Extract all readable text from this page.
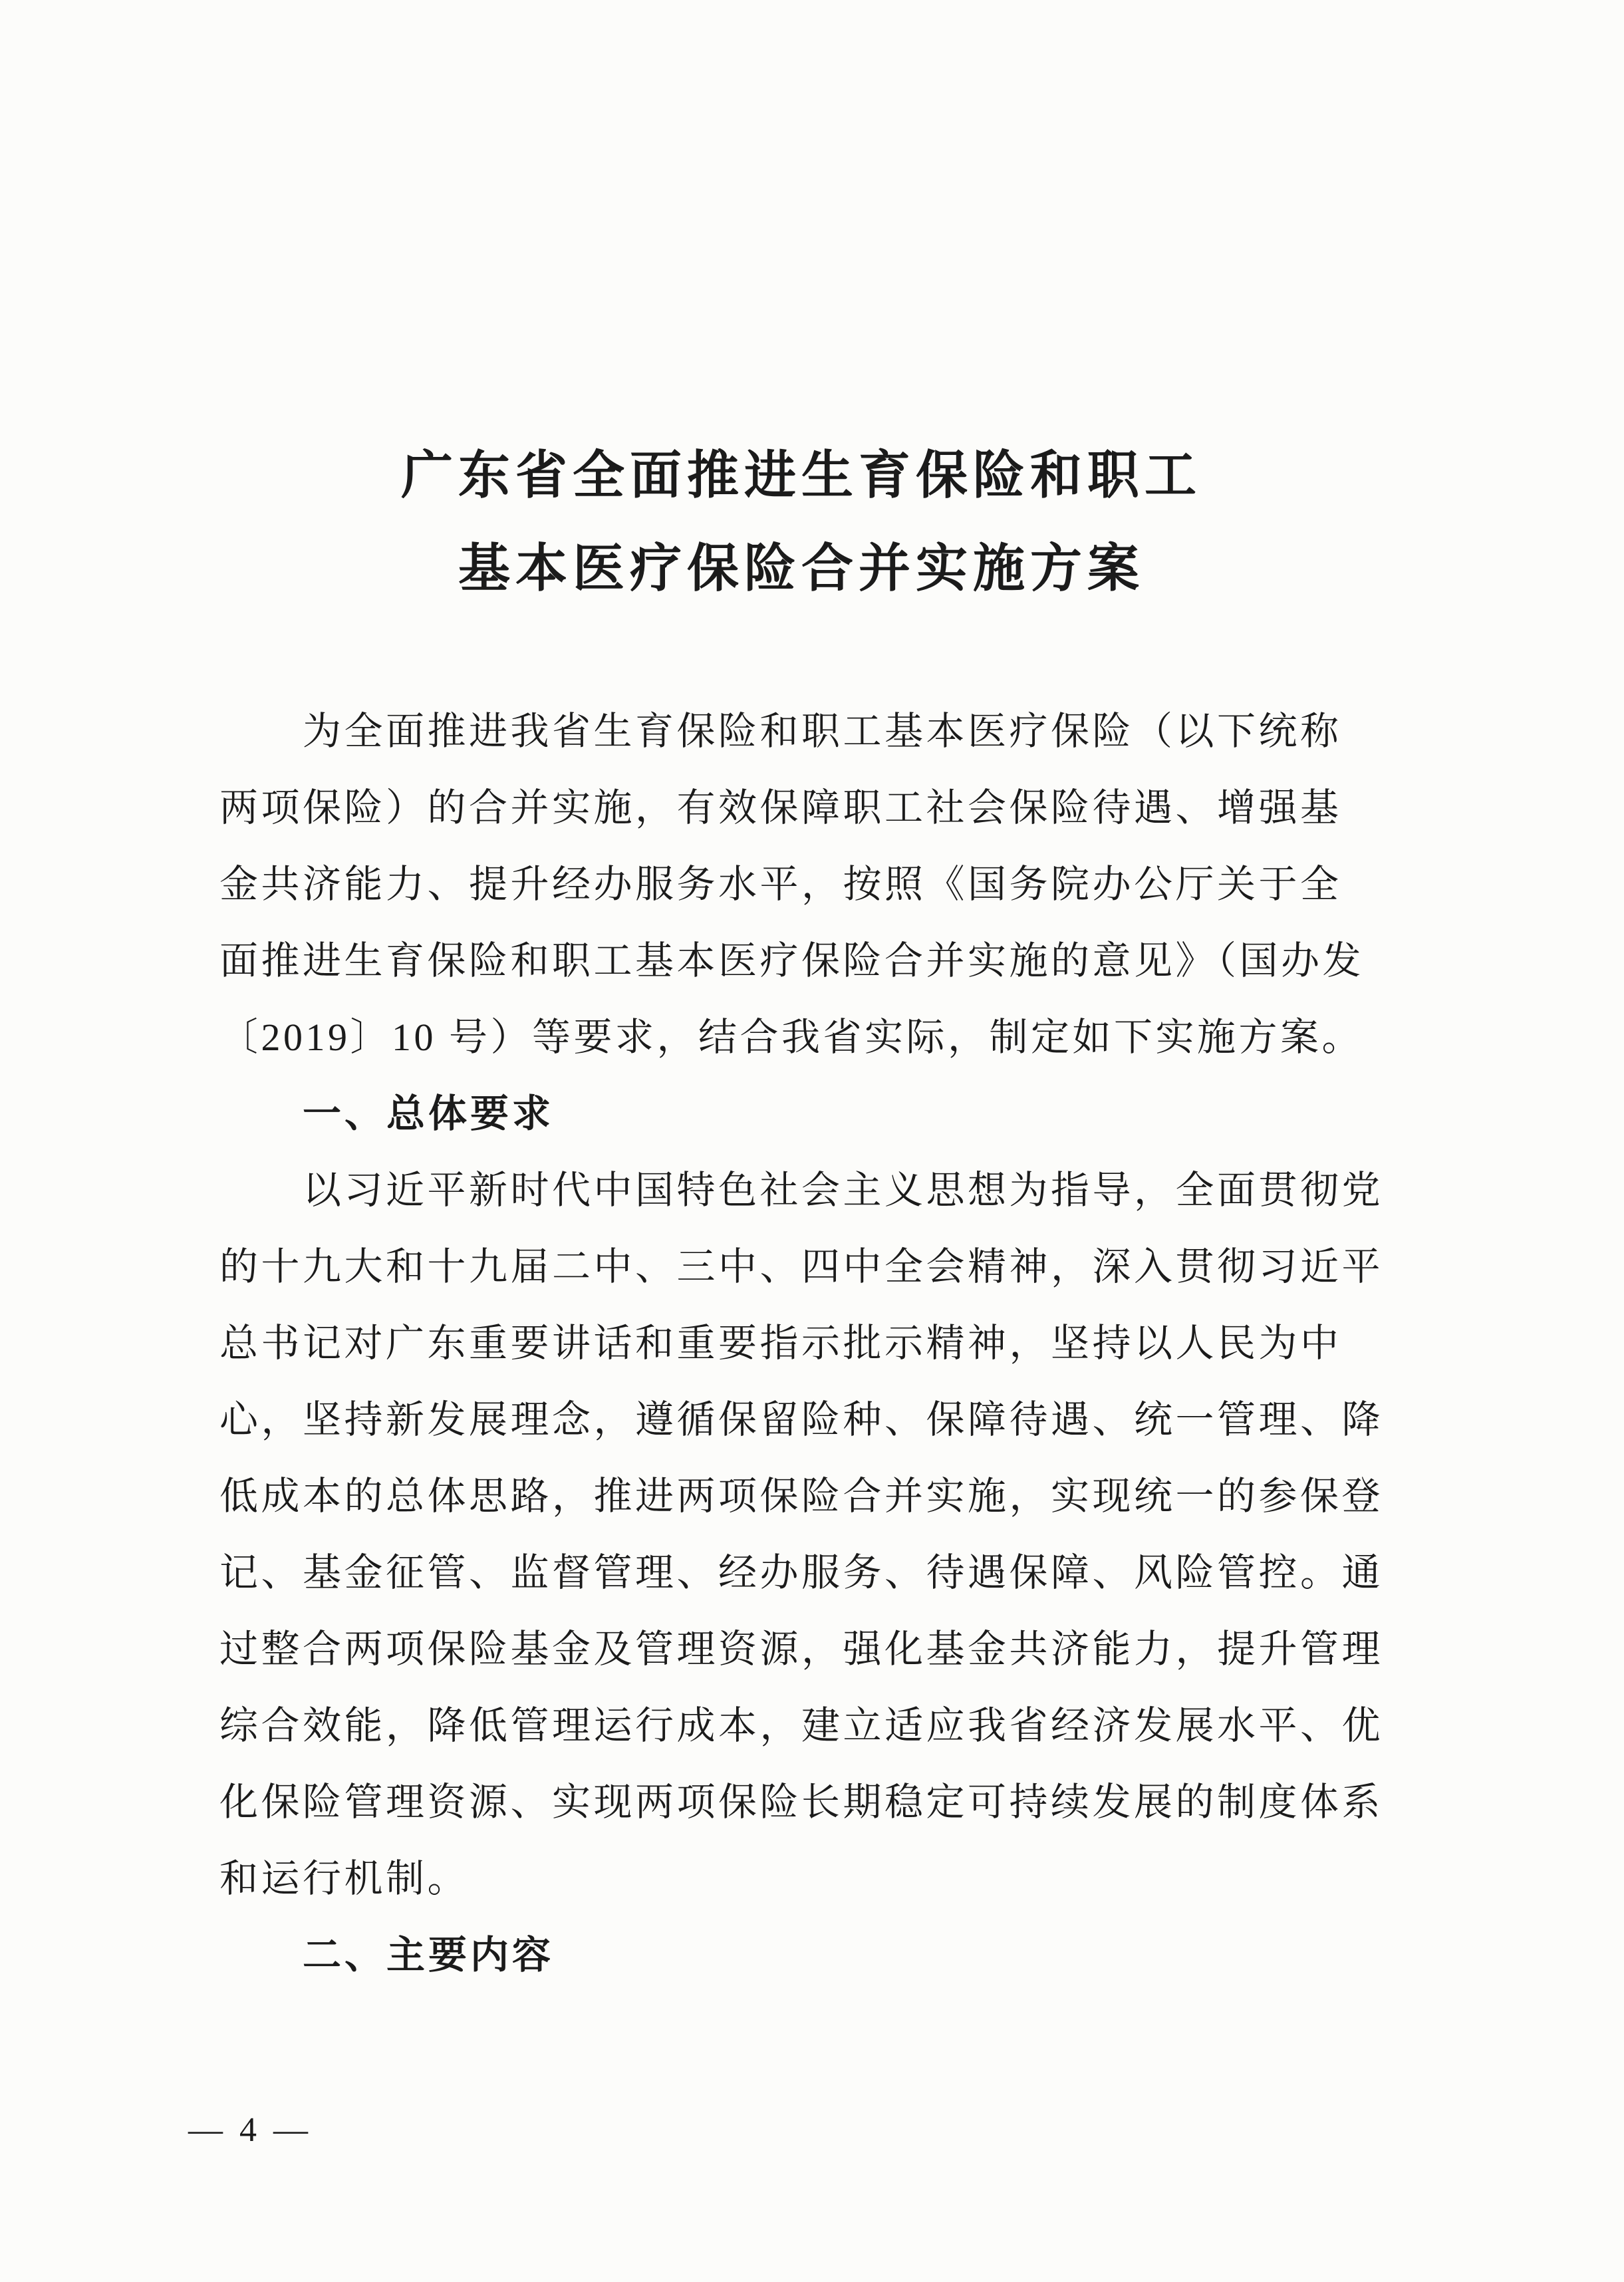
广东省全面推进生育保险和职工
基本医疗保险合并实施方案
为全面推进我省生育保险和职工基本医疗保险（以下统称
两项保险）的合并实施，有效保障职工社会保险待遇、增强基
金共济能力、提升经办服务水平，按照《国务院办公厅关于全
面推进生育保险和职工基本医疗保险合并实施的意见》（国办发
〔2019〕10 号）等要求，结合我省实际，制定如下实施方案。
一、总体要求
以习近平新时代中国特色社会主义思想为指导，全面贯彻党
的十九大和十九届二中、三中、四中全会精神，深入贯彻习近平
总书记对广东重要讲话和重要指示批示精神，坚持以人民为中
心，坚持新发展理念，遵循保留险种、保障待遇、统一管理、降
低成本的总体思路，推进两项保险合并实施，实现统一的参保登
记、基金征管、监督管理、经办服务、待遇保障、风险管控。通
过整合两项保险基金及管理资源，强化基金共济能力，提升管理
综合效能，降低管理运行成本，建立适应我省经济发展水平、优
化保险管理资源、实现两项保险长期稳定可持续发展的制度体系
和运行机制。
二、主要内容
— 4 —
